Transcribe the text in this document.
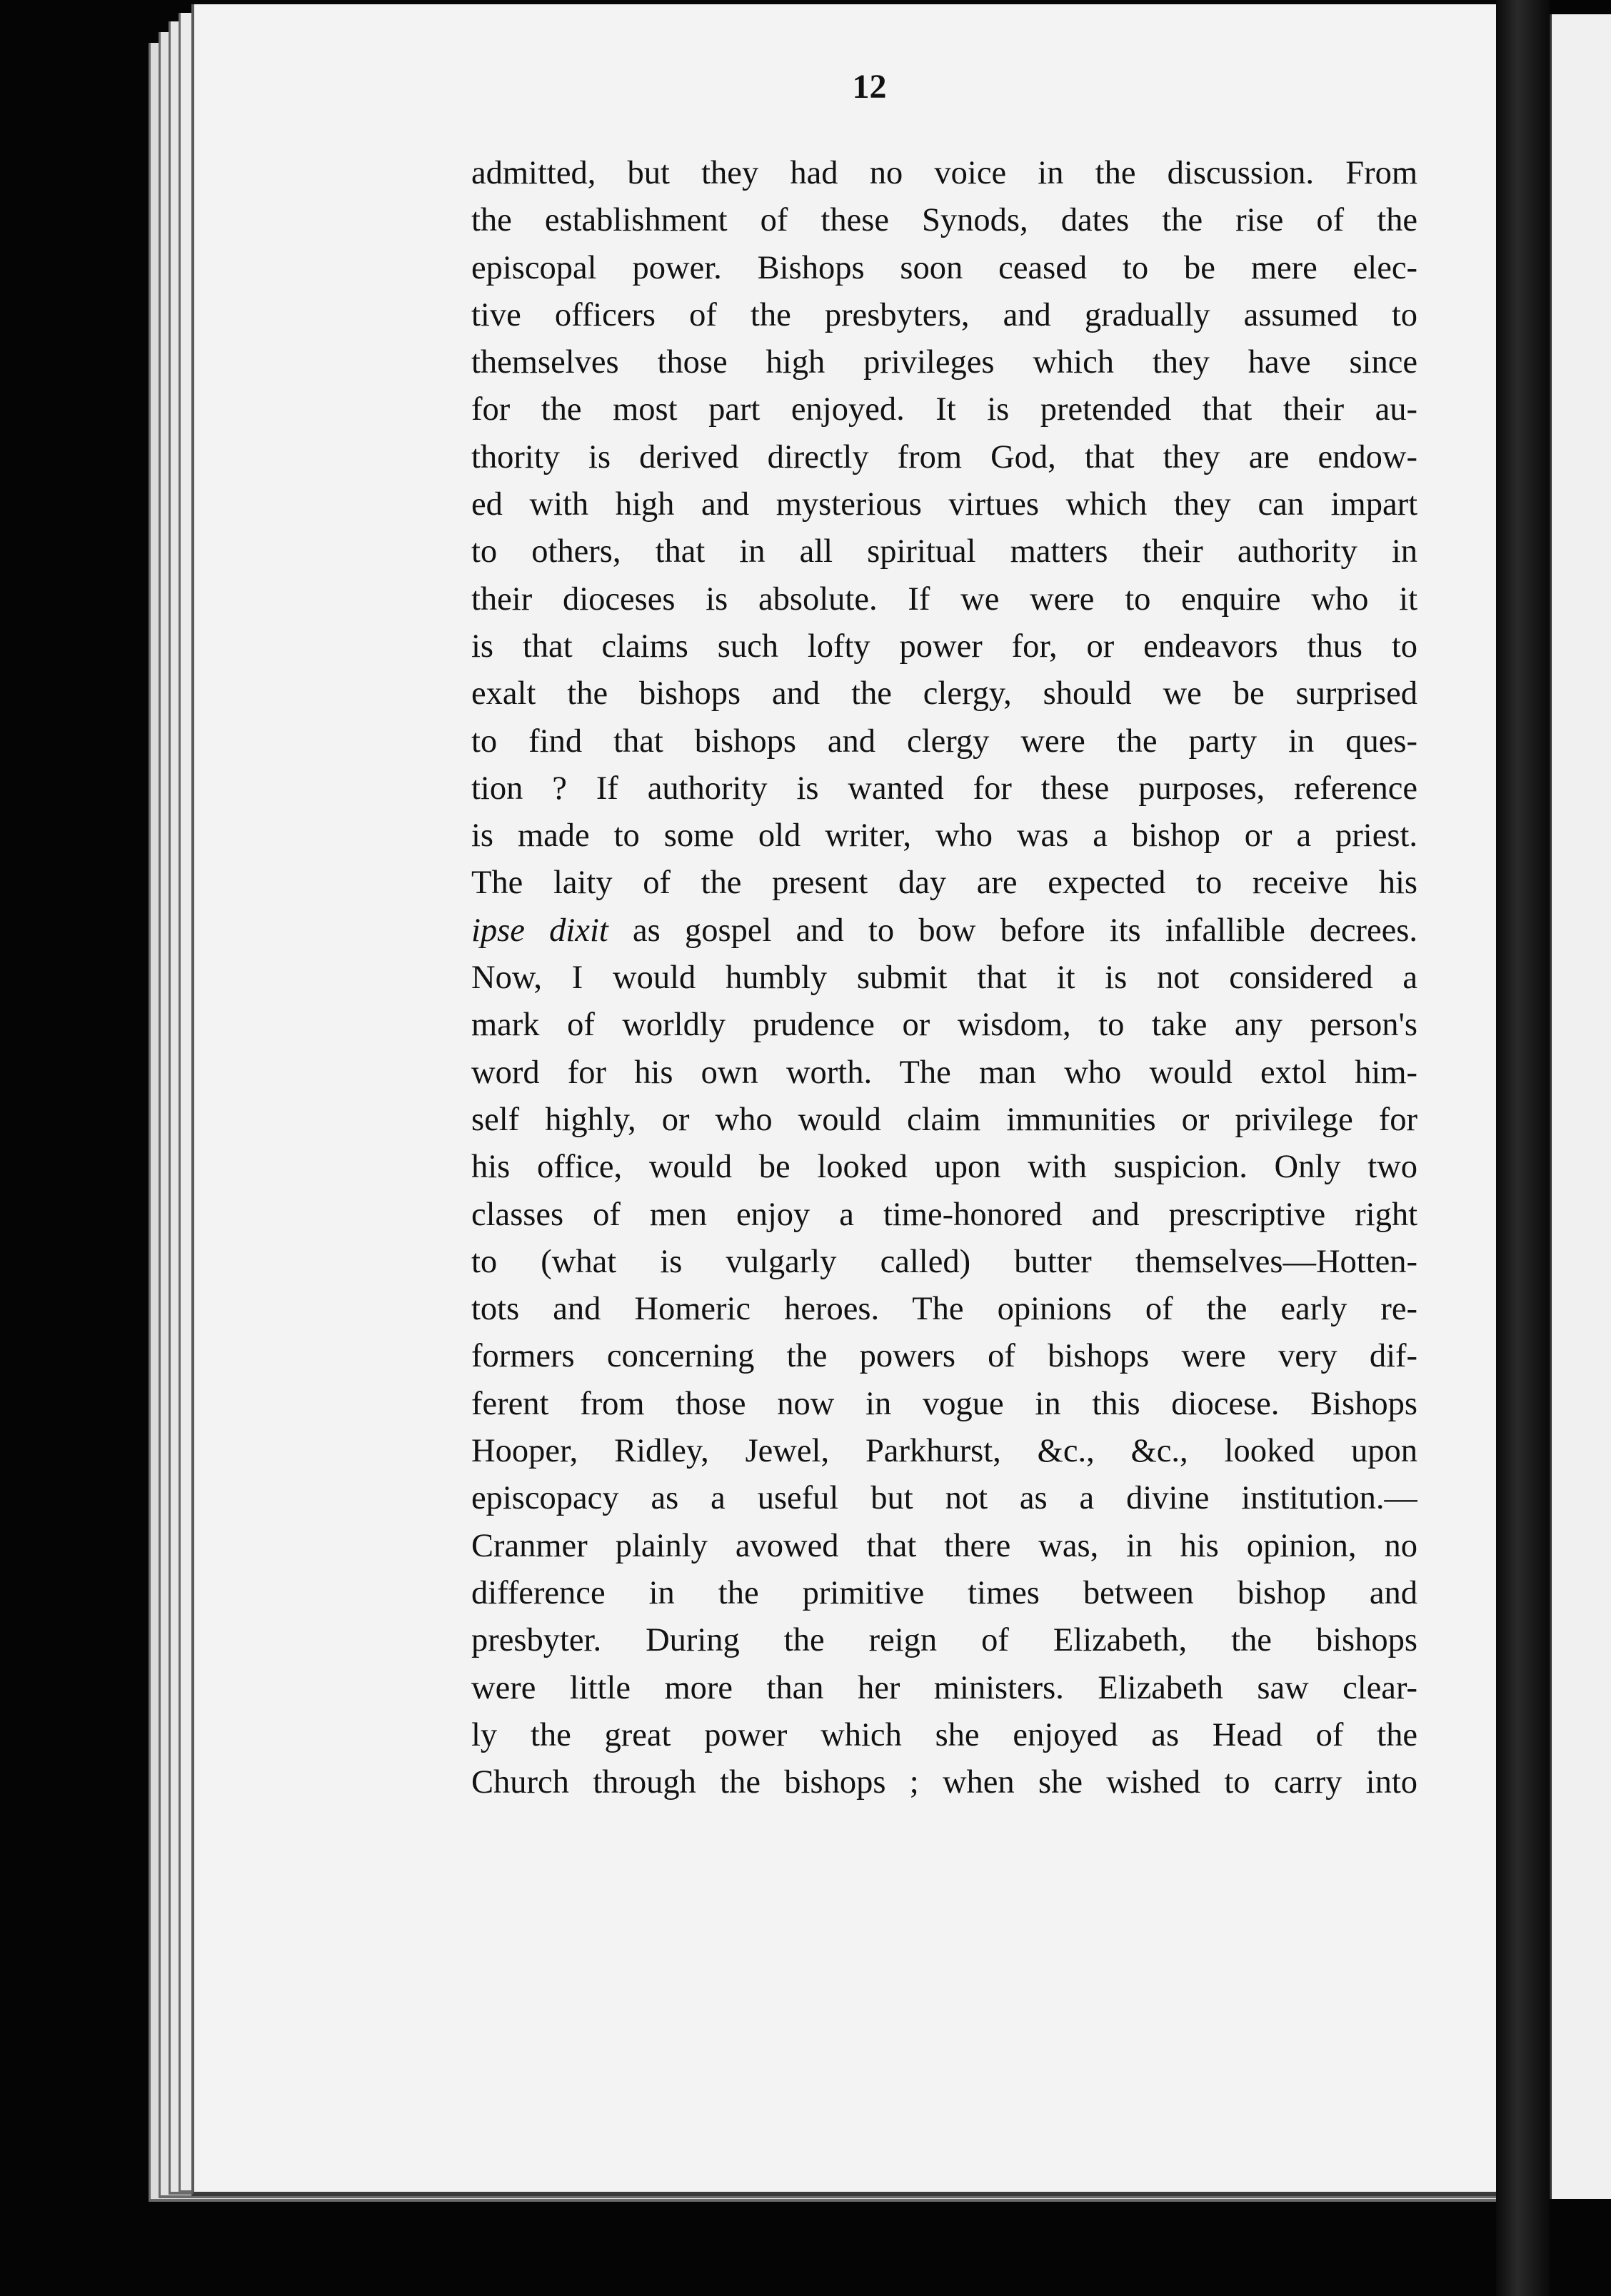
12
admitted, but they had no voice in the discussion. From
the establishment of these Synods, dates the rise of the
episcopal power. Bishops soon ceased to be mere elec-
tive officers of the presbyters, and gradually assumed to
themselves those high privileges which they have since
for the most part enjoyed. It is pretended that their au-
thority is derived directly from God, that they are endow-
ed with high and mysterious virtues which they can impart
to others, that in all spiritual matters their authority in
their dioceses is absolute. If we were to enquire who it
is that claims such lofty power for, or endeavors thus to
exalt the bishops and the clergy, should we be surprised
to find that bishops and clergy were the party in ques-
tion ? If authority is wanted for these purposes, reference
is made to some old writer, who was a bishop or a priest.
The laity of the present day are expected to receive his
ipse dixit as gospel and to bow before its infallible decrees.
Now, I would humbly submit that it is not considered a
mark of worldly prudence or wisdom, to take any person's
word for his own worth. The man who would extol him-
self highly, or who would claim immunities or privilege for
his office, would be looked upon with suspicion. Only two
classes of men enjoy a time-honored and prescriptive right
to (what is vulgarly called) butter themselves—Hotten-
tots and Homeric heroes. The opinions of the early re-
formers concerning the powers of bishops were very dif-
ferent from those now in vogue in this diocese. Bishops
Hooper, Ridley, Jewel, Parkhurst, &c., &c., looked upon
episcopacy as a useful but not as a divine institution.—
Cranmer plainly avowed that there was, in his opinion, no
difference in the primitive times between bishop and
presbyter. During the reign of Elizabeth, the bishops
were little more than her ministers. Elizabeth saw clear-
ly the great power which she enjoyed as Head of the
Church through the bishops ; when she wished to carry into
